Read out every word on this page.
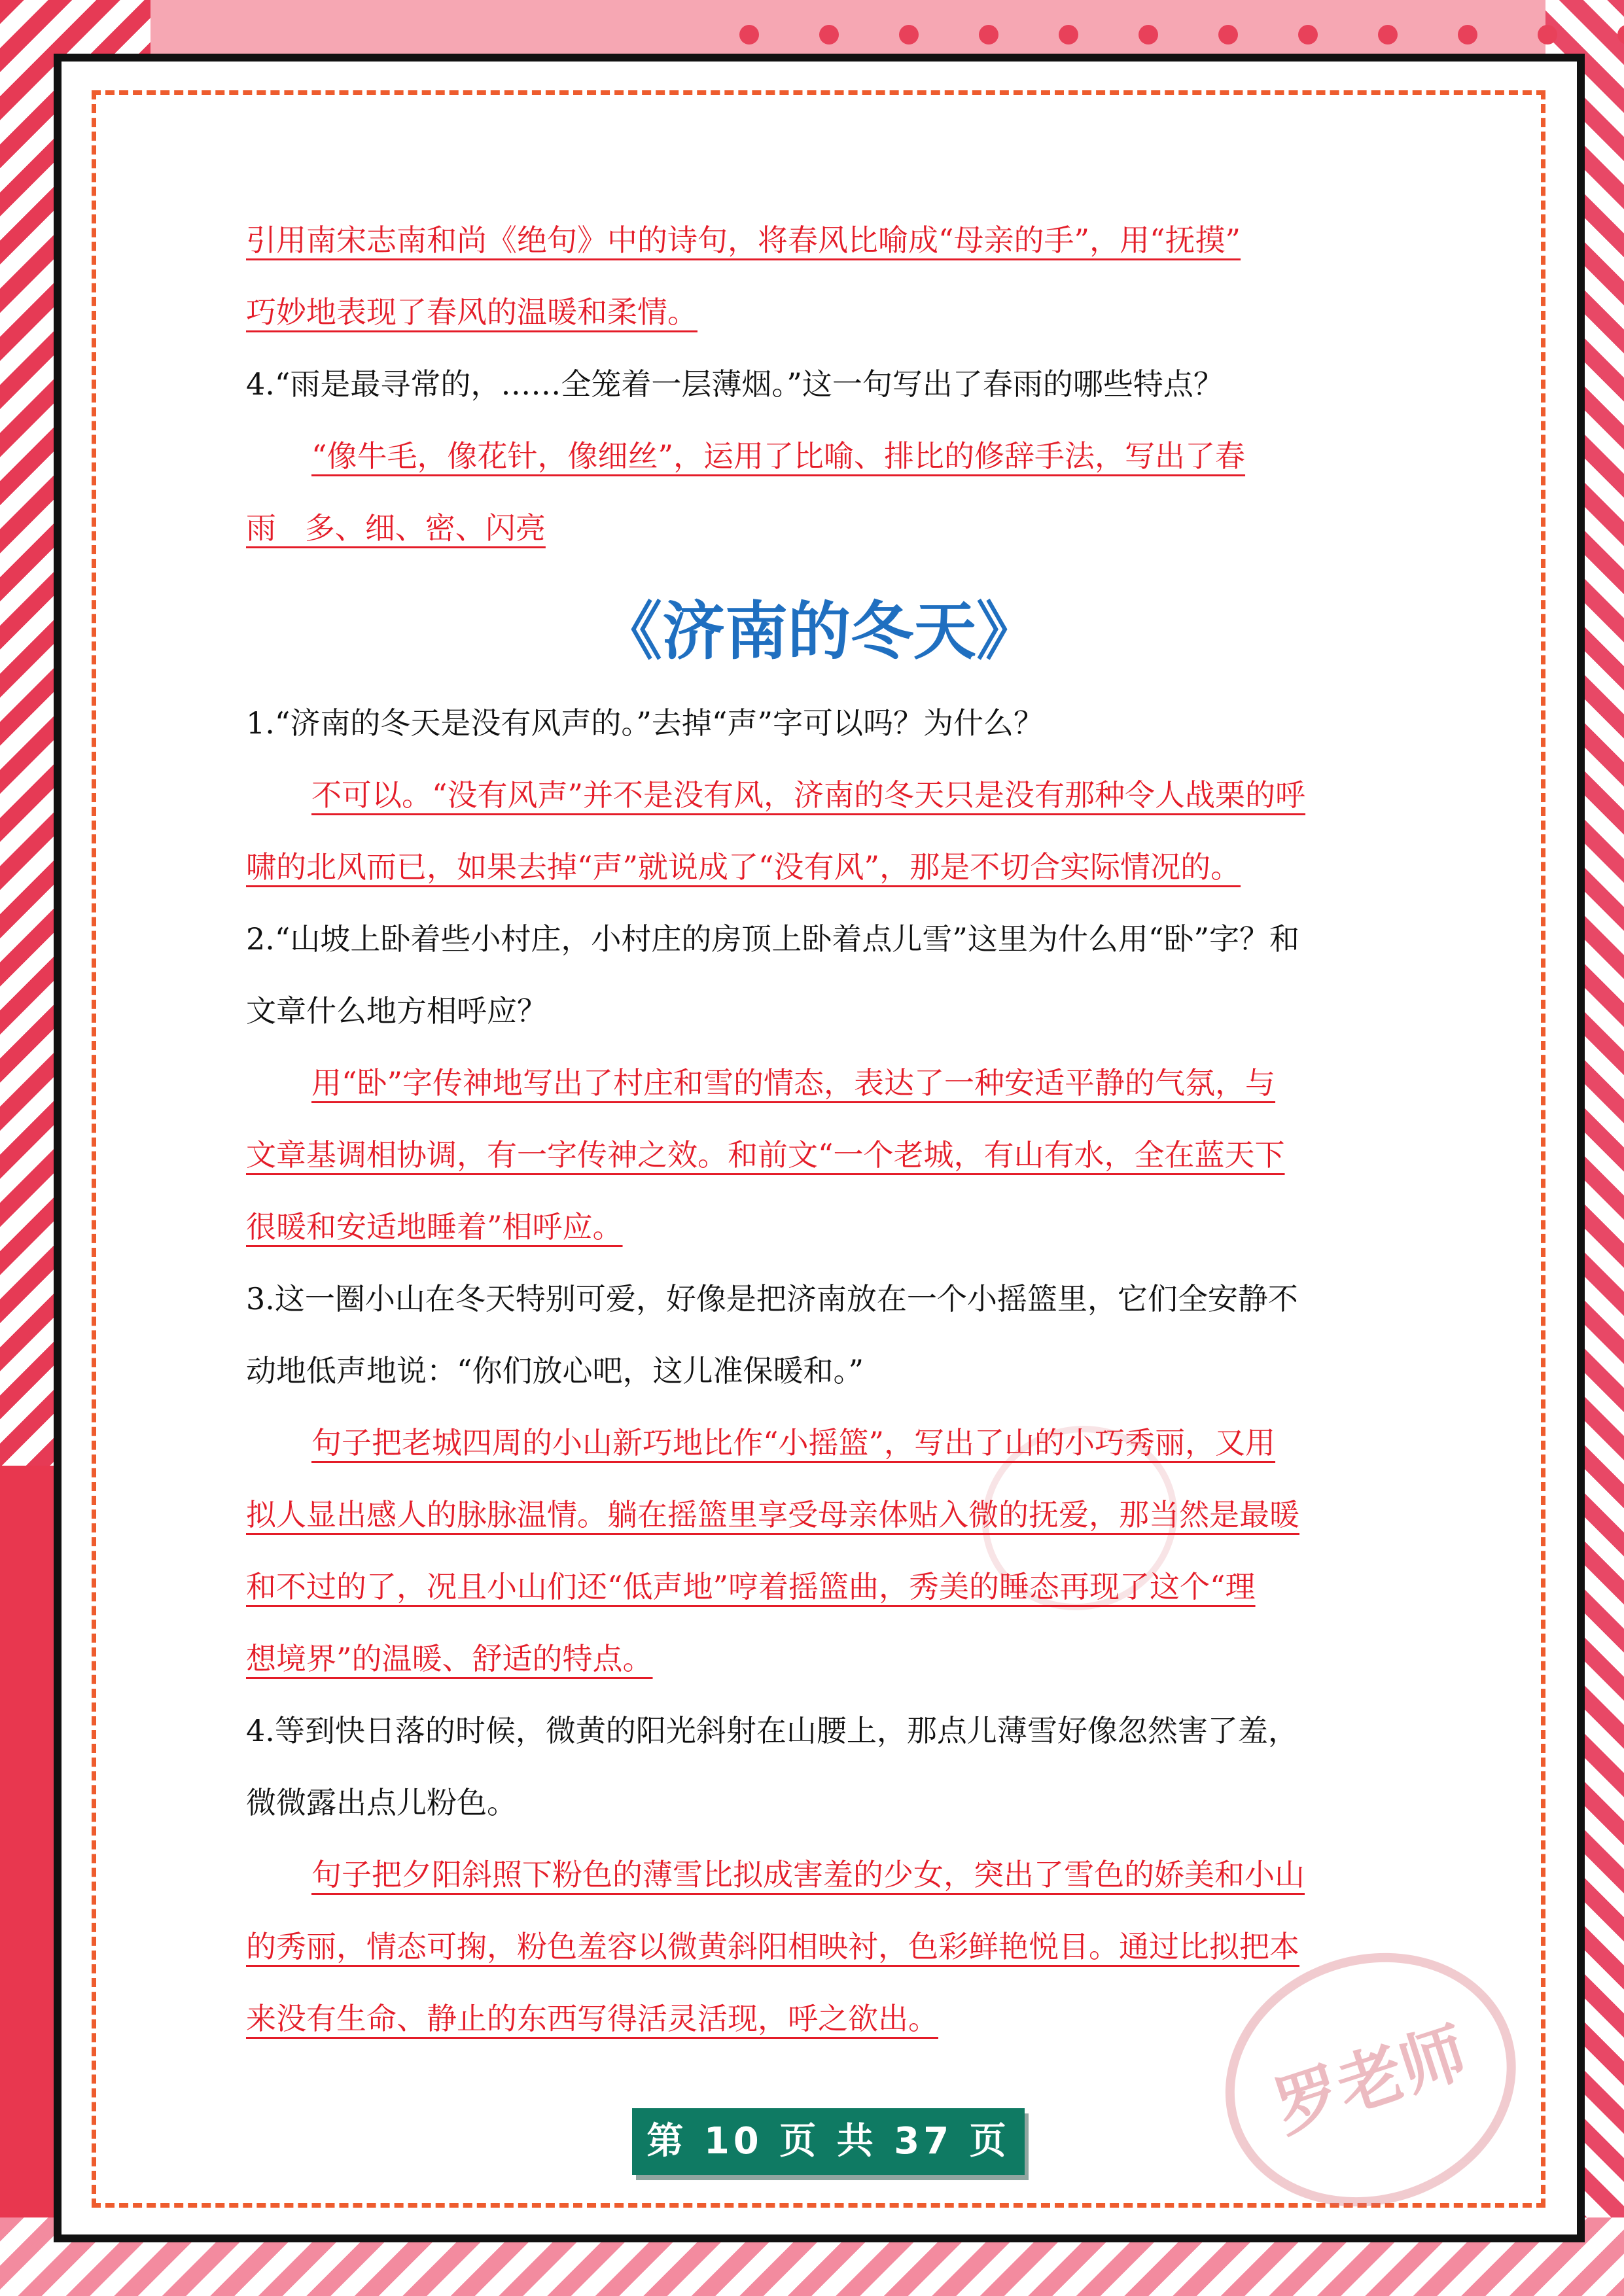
引用南宋志南和尚《绝句》中的诗句，将春风比喻成“母亲的手”，用“抚摸”
巧妙地表现了春风的温暖和柔情。
4.“雨是最寻常的，……全笼着一层薄烟。”这一句写出了春雨的哪些特点？
“像牛毛，像花针，像细丝”，运用了比喻、排比的修辞手法，写出了春
雨   多、细、密、闪亮
《济南的冬天》
1.“济南的冬天是没有风声的。”去掉“声”字可以吗？为什么？
不可以。“没有风声”并不是没有风，济南的冬天只是没有那种令人战栗的呼
啸的北风而已，如果去掉“声”就说成了“没有风”，那是不切合实际情况的。
2.“山坡上卧着些小村庄，小村庄的房顶上卧着点儿雪”这里为什么用“卧”字？和
文章什么地方相呼应？
用“卧”字传神地写出了村庄和雪的情态，表达了一种安适平静的气氛，与
文章基调相协调，有一字传神之效。和前文“一个老城，有山有水，全在蓝天下
很暖和安适地睡着”相呼应。
3.这一圈小山在冬天特别可爱，好像是把济南放在一个小摇篮里，它们全安静不
动地低声地说：“你们放心吧，这儿准保暖和。”
句子把老城四周的小山新巧地比作“小摇篮”，写出了山的小巧秀丽，又用
拟人显出感人的脉脉温情。躺在摇篮里享受母亲体贴入微的抚爱，那当然是最暖
和不过的了，况且小山们还“低声地”哼着摇篮曲，秀美的睡态再现了这个“理
想境界”的温暖、舒适的特点。
4.等到快日落的时候，微黄的阳光斜射在山腰上，那点儿薄雪好像忽然害了羞，
微微露出点儿粉色。
句子把夕阳斜照下粉色的薄雪比拟成害羞的少女，突出了雪色的娇美和小山
的秀丽，情态可掬，粉色羞容以微黄斜阳相映衬，色彩鲜艳悦目。通过比拟把本
来没有生命、静止的东西写得活灵活现，呼之欲出。
第 10 页 共 37 页	罗老师
